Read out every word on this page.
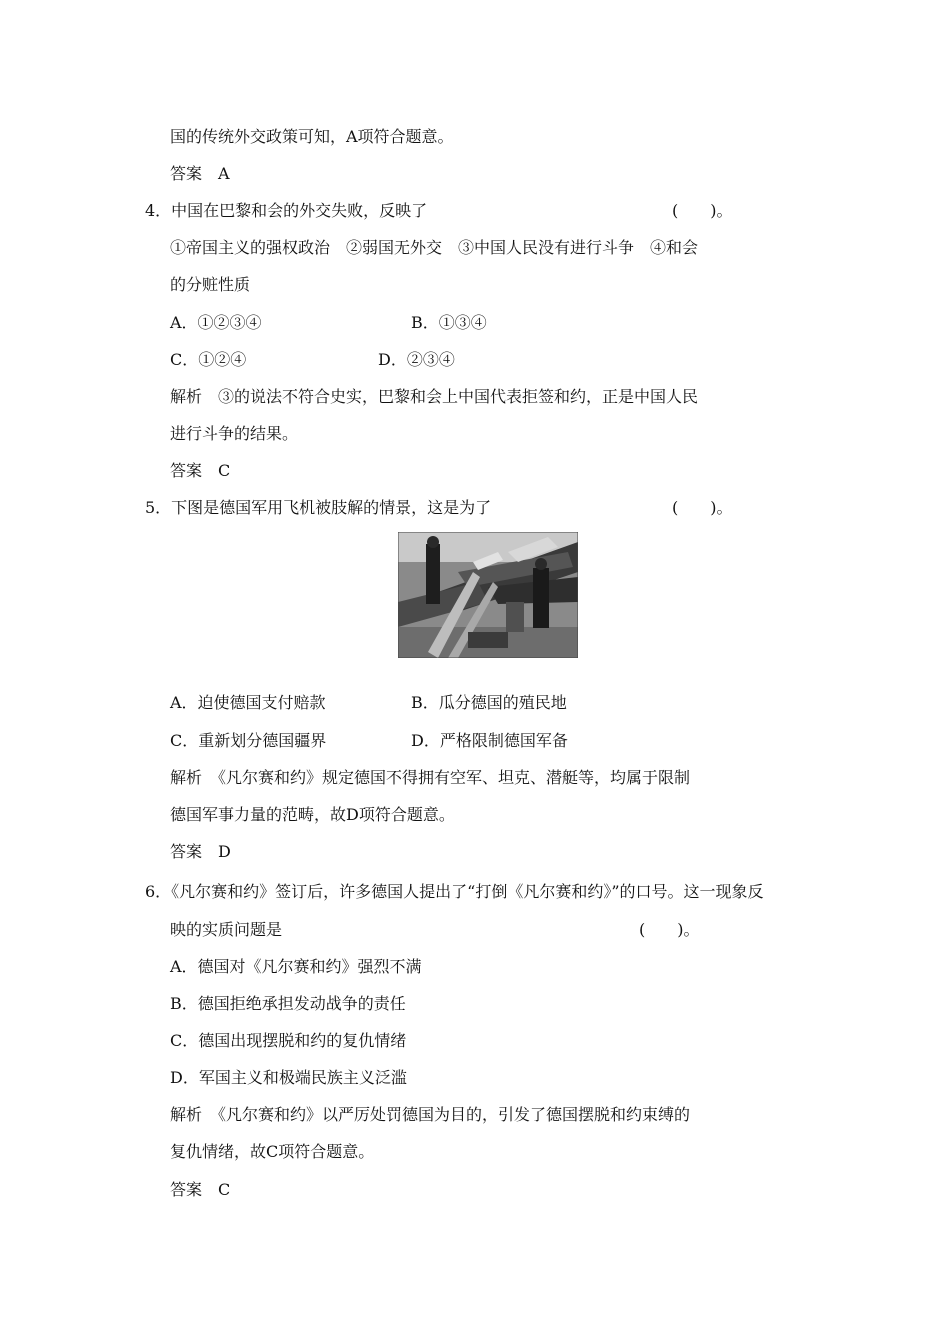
国的传统外交政策可知，A项符合题意。
答案　A
4．中国在巴黎和会的外交失败，反映了	(　　)。
①帝国主义的强权政治　②弱国无外交　③中国人民没有进行斗争　④和会
的分赃性质
A．①②③④	B．①③④
C．①②④	D．②③④
解析　③的说法不符合史实，巴黎和会上中国代表拒签和约，正是中国人民
进行斗争的结果。
答案　C
5．下图是德国军用飞机被肢解的情景，这是为了	(　　)。
A．迫使德国支付赔款	B．瓜分德国的殖民地
C．重新划分德国疆界	D．严格限制德国军备
解析　《凡尔赛和约》规定德国不得拥有空军、坦克、潜艇等，均属于限制
德国军事力量的范畴，故D项符合题意。
答案　D
6．《凡尔赛和约》签订后，许多德国人提出了“打倒《凡尔赛和约》”的口号。这一现象反
映的实质问题是	(　　)。
A．德国对《凡尔赛和约》强烈不满
B．德国拒绝承担发动战争的责任
C．德国出现摆脱和约的复仇情绪
D．军国主义和极端民族主义泛滥
解析　《凡尔赛和约》以严厉处罚德国为目的，引发了德国摆脱和约束缚的
复仇情绪，故C项符合题意。
答案　C
